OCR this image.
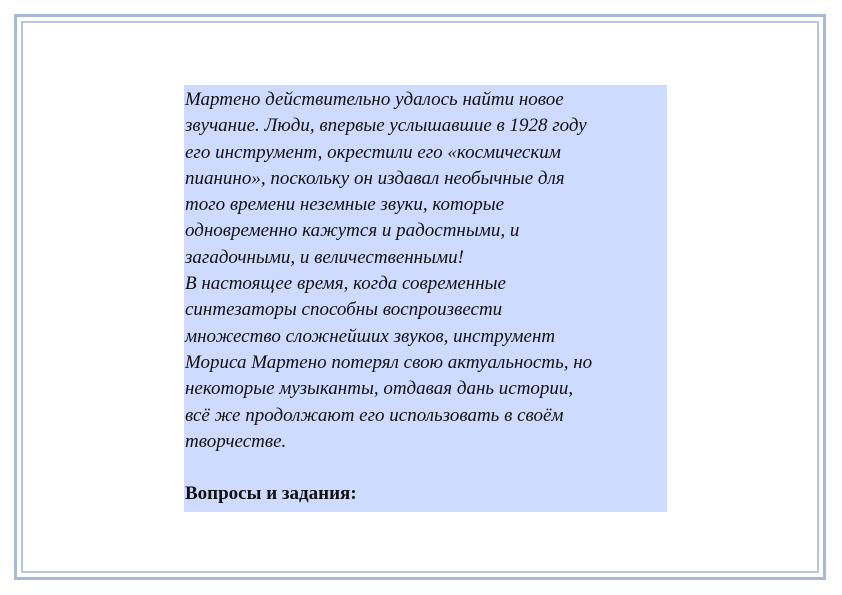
Мартено действительно удалось найти новое
звучание. Люди, впервые услышавшие в 1928 году
его инструмент, окрестили его «космическим
пианино», поскольку он издавал необычные для
того времени неземные звуки, которые
одновременно кажутся и радостными, и
загадочными, и величественными!

В настоящее время, когда современные
синтезаторы способны воспроизвести
множество сложнейших звуков, инструмент
Мориса Мартено потерял свою актуальность, но
некоторые музыканты, отдавая дань истории,
всё же продолжают его использовать в своём
творчестве.

Вопросы и задания:
